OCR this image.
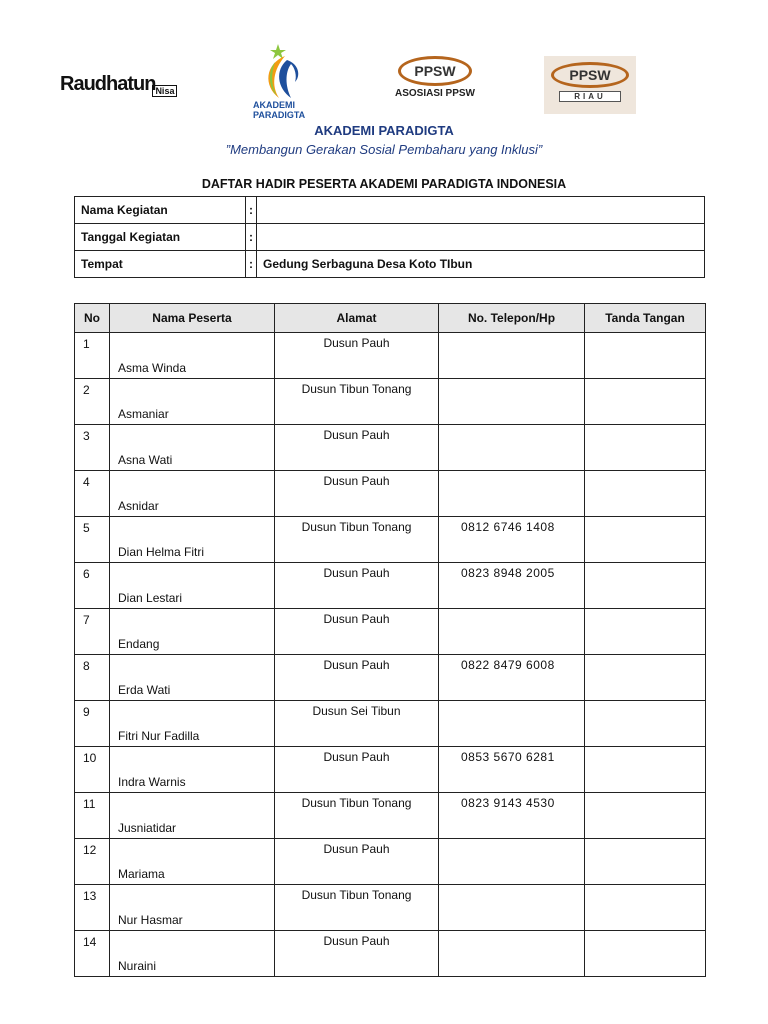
Raudhatun$_{Nisa}$
AKADEMI PARADIGTA
PPSW
ASOSIASI PPSW
PPSW
RIAU
AKADEMI PARADIGTA
”Membangun Gerakan Sosial Pembaharu yang Inklusi”
DAFTAR HADIR PESERTA AKADEMI PARADIGTA INDONESIA
Nama Kegiatan	:	
Tanggal Kegiatan	:	
Tempat	:	Gedung Serbaguna Desa Koto TIbun
No	Nama Peserta	Alamat	No. Telepon/Hp	Tanda Tangan
1	Asma Winda	Dusun Pauh		
2	Asmaniar	Dusun Tibun Tonang		
3	Asna Wati	Dusun Pauh		
4	Asnidar	Dusun Pauh		
5	Dian Helma Fitri	Dusun Tibun Tonang	0812 6746 1408	
6	Dian Lestari	Dusun Pauh	0823 8948 2005	
7	Endang	Dusun Pauh		
8	Erda Wati	Dusun Pauh	0822 8479 6008	
9	Fitri Nur Fadilla	Dusun Sei Tibun		
10	Indra Warnis	Dusun Pauh	0853 5670 6281	
11	Jusniatidar	Dusun Tibun Tonang	0823 9143 4530	
12	Mariama	Dusun Pauh		
13	Nur Hasmar	Dusun Tibun Tonang		
14	Nuraini	Dusun Pauh		
